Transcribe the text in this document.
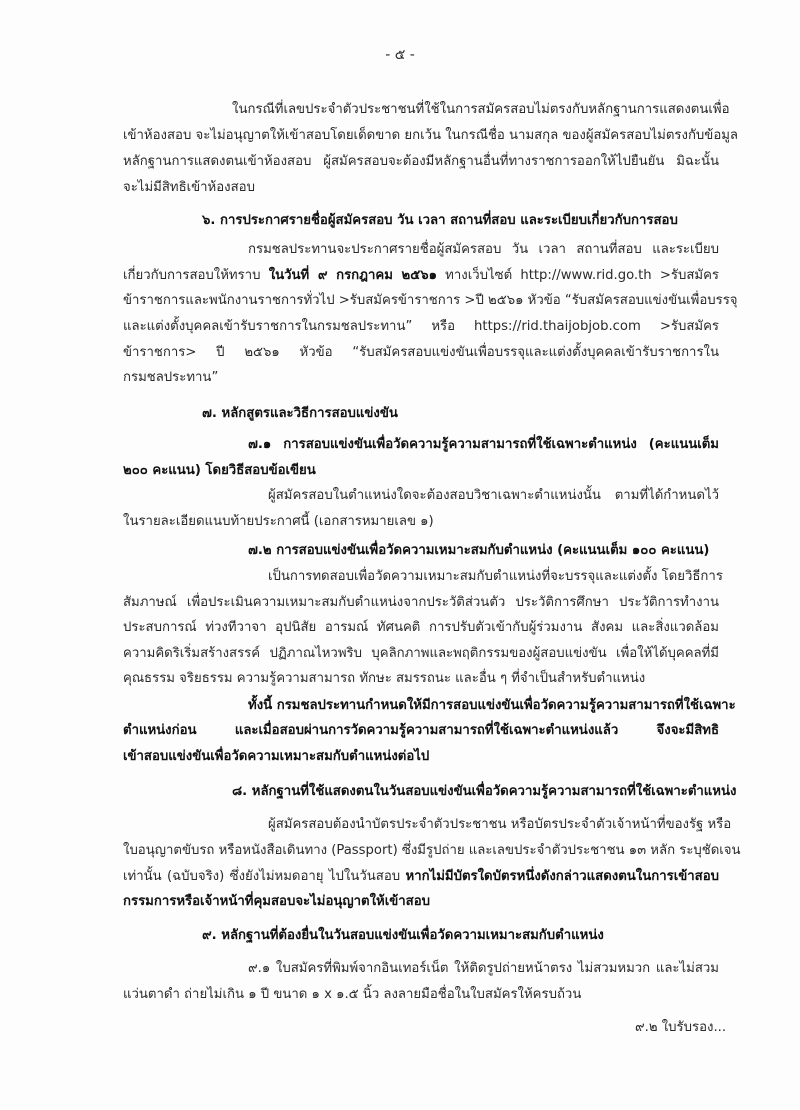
- ๕ -
ในกรณีที่เลขประจำตัวประชาชนที่ใช้ในการสมัครสอบไม่ตรงกับหลักฐานการแสดงตนเพื่อ
เข้าห้องสอบ จะไม่อนุญาตให้เข้าสอบโดยเด็ดขาด ยกเว้น ในกรณีชื่อ นามสกุล ของผู้สมัครสอบไม่ตรงกับข้อมูล
หลักฐานการแสดงตนเข้าห้องสอบ ผู้สมัครสอบจะต้องมีหลักฐานอื่นที่ทางราชการออกให้ไปยืนยัน มิฉะนั้น
จะไม่มีสิทธิเข้าห้องสอบ
๖. การประกาศรายชื่อผู้สมัครสอบ วัน เวลา สถานที่สอบ และระเบียบเกี่ยวกับการสอบ
กรมชลประทานจะประกาศรายชื่อผู้สมัครสอบ วัน เวลา สถานที่สอบ และระเบียบ
เกี่ยวกับการสอบให้ทราบ ในวันที่ ๙ กรกฎาคม ๒๕๖๑ ทางเว็บไซต์ http://www.rid.go.th >รับสมัคร
ข้าราชการและพนักงานราชการทั่วไป >รับสมัครข้าราชการ >ปี ๒๕๖๑ หัวข้อ “รับสมัครสอบแข่งขันเพื่อบรรจุ
และแต่งตั้งบุคคลเข้ารับราชการในกรมชลประทาน” หรือ https://rid.thaijobjob.com >รับสมัคร
ข้าราชการ> ปี ๒๕๖๑ หัวข้อ “รับสมัครสอบแข่งขันเพื่อบรรจุและแต่งตั้งบุคคลเข้ารับราชการใน
กรมชลประทาน”
๗. หลักสูตรและวิธีการสอบแข่งขัน
๗.๑ การสอบแข่งขันเพื่อวัดความรู้ความสามารถที่ใช้เฉพาะตำแหน่ง (คะแนนเต็ม
๒๐๐ คะแนน) โดยวิธีสอบข้อเขียน
ผู้สมัครสอบในตำแหน่งใดจะต้องสอบวิชาเฉพาะตำแหน่งนั้น ตามที่ได้กำหนดไว้
ในรายละเอียดแนบท้ายประกาศนี้ (เอกสารหมายเลข ๑)
๗.๒ การสอบแข่งขันเพื่อวัดความเหมาะสมกับตำแหน่ง (คะแนนเต็ม ๑๐๐ คะแนน)
เป็นการทดสอบเพื่อวัดความเหมาะสมกับตำแหน่งที่จะบรรจุและแต่งตั้ง โดยวิธีการ
สัมภาษณ์ เพื่อประเมินความเหมาะสมกับตำแหน่งจากประวัติส่วนตัว ประวัติการศึกษา ประวัติการทำงาน
ประสบการณ์ ท่วงทีวาจา อุปนิสัย อารมณ์ ทัศนคติ การปรับตัวเข้ากับผู้ร่วมงาน สังคม และสิ่งแวดล้อม
ความคิดริเริ่มสร้างสรรค์ ปฏิภาณไหวพริบ บุคลิกภาพและพฤติกรรมของผู้สอบแข่งขัน เพื่อให้ได้บุคคลที่มี
คุณธรรม จริยธรรม ความรู้ความสามารถ ทักษะ สมรรถนะ และอื่น ๆ ที่จำเป็นสำหรับตำแหน่ง
ทั้งนี้ กรมชลประทานกำหนดให้มีการสอบแข่งขันเพื่อวัดความรู้ความสามารถที่ใช้เฉพาะ
ตำแหน่งก่อน และเมื่อสอบผ่านการวัดความรู้ความสามารถที่ใช้เฉพาะตำแหน่งแล้ว จึงจะมีสิทธิ
เข้าสอบแข่งขันเพื่อวัดความเหมาะสมกับตำแหน่งต่อไป
๘. หลักฐานที่ใช้แสดงตนในวันสอบแข่งขันเพื่อวัดความรู้ความสามารถที่ใช้เฉพาะตำแหน่ง
ผู้สมัครสอบต้องนำบัตรประจำตัวประชาชน หรือบัตรประจำตัวเจ้าหน้าที่ของรัฐ หรือ
ใบอนุญาตขับรถ หรือหนังสือเดินทาง (Passport) ซึ่งมีรูปถ่าย และเลขประจำตัวประชาชน ๑๓ หลัก ระบุชัดเจน
เท่านั้น (ฉบับจริง) ซึ่งยังไม่หมดอายุ ไปในวันสอบ หากไม่มีบัตรใดบัตรหนึ่งดังกล่าวแสดงตนในการเข้าสอบ
กรรมการหรือเจ้าหน้าที่คุมสอบจะไม่อนุญาตให้เข้าสอบ
๙. หลักฐานที่ต้องยื่นในวันสอบแข่งขันเพื่อวัดความเหมาะสมกับตำแหน่ง
๙.๑ ใบสมัครที่พิมพ์จากอินเทอร์เน็ต ให้ติดรูปถ่ายหน้าตรง ไม่สวมหมวก และไม่สวม
แว่นตาดำ ถ่ายไม่เกิน ๑ ปี ขนาด ๑ x ๑.๕ นิ้ว ลงลายมือชื่อในใบสมัครให้ครบถ้วน
๙.๒ ใบรับรอง...
